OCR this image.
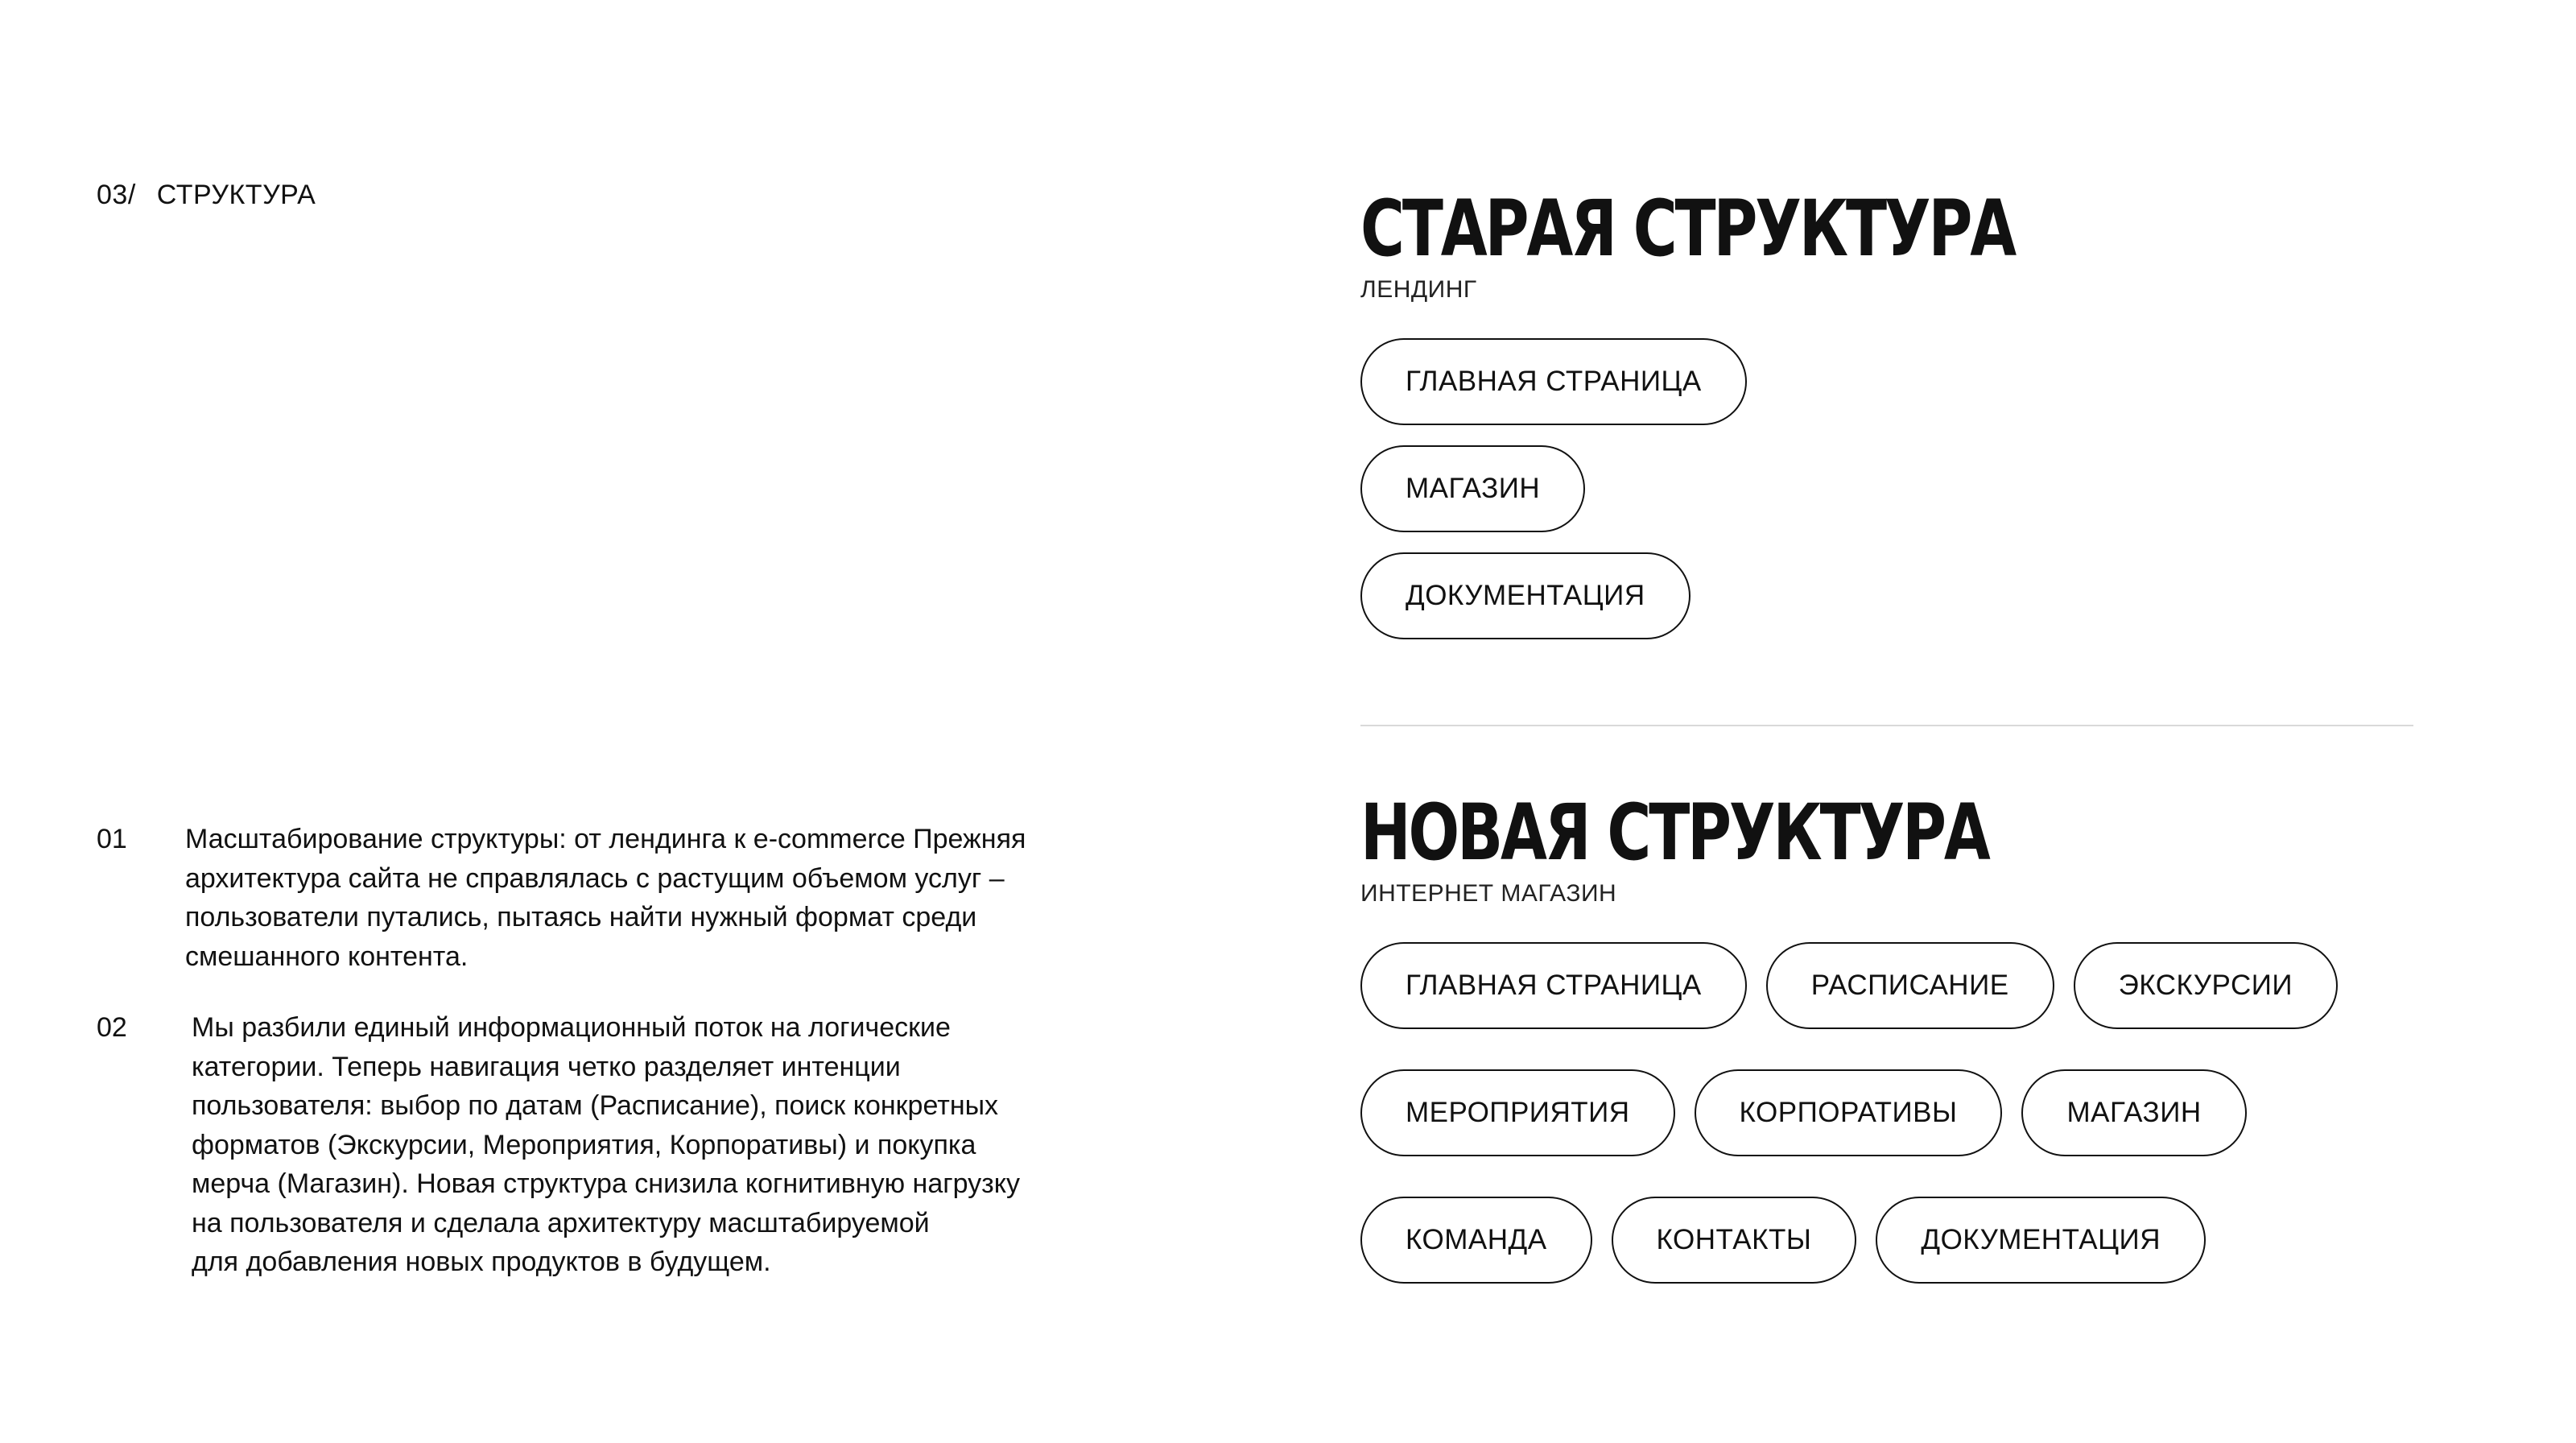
03/ СТРУКТУРА
01	Масштабирование структуры: от лендинга к e-commerce Прежняя
архитектура сайта не справлялась с растущим объемом услуг –
пользователи путались, пытаясь найти нужный формат среди
смешанного контента.
02	Мы разбили единый информационный поток на логические
категории. Теперь навигация четко разделяет интенции
пользователя: выбор по датам (Расписание), поиск конкретных
форматов (Экскурсии, Мероприятия, Корпоративы) и покупка
мерча (Магазин). Новая структура снизила когнитивную нагрузку
на пользователя и сделала архитектуру масштабируемой
для добавления новых продуктов в будущем.
СТАРАЯ СТРУКТУРА
ЛЕНДИНГ
ГЛАВНАЯ СТРАНИЦА
МАГАЗИН
ДОКУМЕНТАЦИЯ
НОВАЯ СТРУКТУРА
ИНТЕРНЕТ МАГАЗИН
ГЛАВНАЯ СТРАНИЦА	РАСПИСАНИЕ	ЭКСКУРСИИ
МЕРОПРИЯТИЯ	КОРПОРАТИВЫ	МАГАЗИН
КОМАНДА	КОНТАКТЫ	ДОКУМЕНТАЦИЯ
